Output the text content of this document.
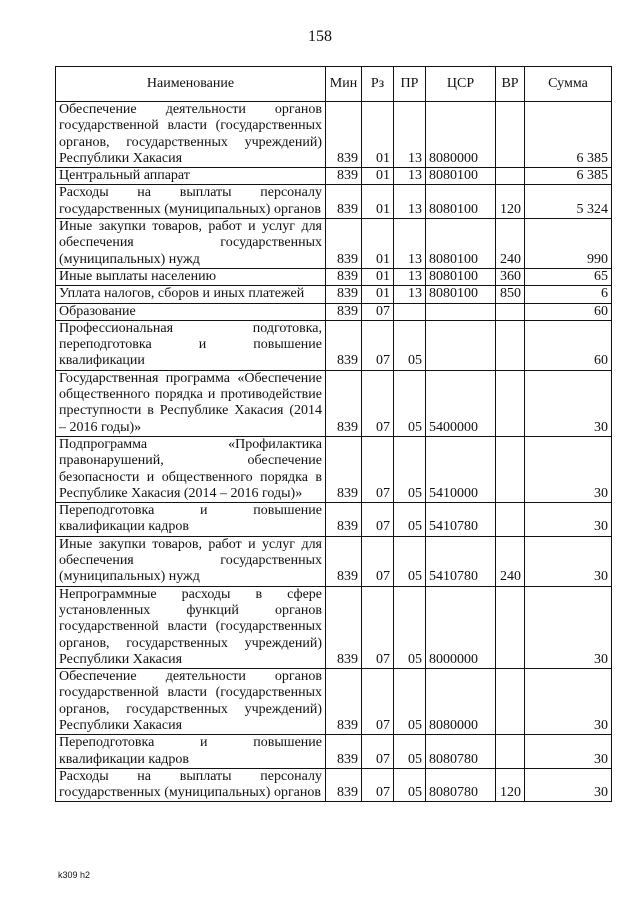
158
Наименование	Мин	Рз	ПР	ЦСР	ВР	Сумма
Обеспечение деятельности органов государственной власти (государственных органов, государственных учреждений) Республики Хакасия	839	01	13	8080000		6 385
Центральный аппарат	839	01	13	8080100		6 385
Расходы на выплаты персоналу государственных (муниципальных) органов	839	01	13	8080100	120	5 324
Иные закупки товаров, работ и услуг для обеспечения государственных (муниципальных) нужд	839	01	13	8080100	240	990
Иные выплаты населению	839	01	13	8080100	360	65
Уплата налогов, сборов и иных платежей	839	01	13	8080100	850	6
Образование	839	07				60
Профессиональная подготовка, переподготовка и повышение квалификации	839	07	05			60
Государственная программа «Обеспечение общественного порядка и противодействие преступности в Республике Хакасия (2014 – 2016 годы)»	839	07	05	5400000		30
Подпрограмма «Профилактика правонарушений, обеспечение безопасности и общественного порядка в Республике Хакасия (2014 – 2016 годы)»	839	07	05	5410000		30
Переподготовка и повышение квалификации кадров	839	07	05	5410780		30
Иные закупки товаров, работ и услуг для обеспечения государственных (муниципальных) нужд	839	07	05	5410780	240	30
Непрограммные расходы в сфере установленных функций органов государственной власти (государственных органов, государственных учреждений) Республики Хакасия	839	07	05	8000000		30
Обеспечение деятельности органов государственной власти (государственных органов, государственных учреждений) Республики Хакасия	839	07	05	8080000		30
Переподготовка и повышение квалификации кадров	839	07	05	8080780		30
Расходы на выплаты персоналу государственных (муниципальных) органов	839	07	05	8080780	120	30
k309 h2
